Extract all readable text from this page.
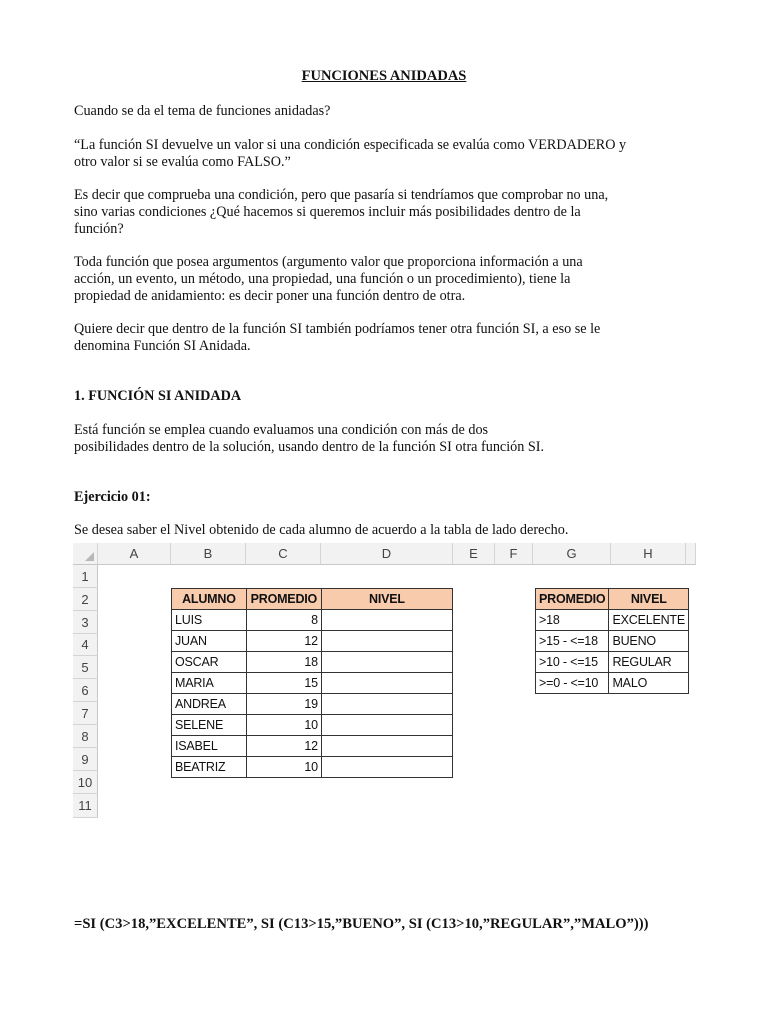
FUNCIONES ANIDADAS
Cuando se da el tema de funciones anidadas?
“La función SI devuelve un valor si una condición especificada se evalúa como VERDADERO y
otro valor si se evalúa como FALSO.”
Es decir que comprueba una condición, pero que pasaría si tendríamos que comprobar no una,
sino varias condiciones ¿Qué hacemos si queremos incluir más posibilidades dentro de la
función?
Toda función que posea argumentos (argumento valor que proporciona información a una
acción, un evento, un método, una propiedad, una función o un procedimiento), tiene la
propiedad de anidamiento: es decir poner una función dentro de otra.
Quiere decir que dentro de la función SI también podríamos tener otra función SI, a eso se le
denomina Función SI Anidada.
1. FUNCIÓN SI ANIDADA
Está función se emplea cuando evaluamos una condición con más de dos
posibilidades dentro de la solución, usando dentro de la función SI otra función SI.
Ejercicio 01:
Se desea saber el Nivel obtenido de cada alumno de acuerdo a la tabla de lado derecho.
A	B	C	D	E	F	G	H
1
2
3
4
5
6
7
8
9
10
11
ALUMNO	PROMEDIO	NIVEL
LUIS	8	
JUAN	12	
OSCAR	18	
MARIA	15	
ANDREA	19	
SELENE	10	
ISABEL	12	
BEATRIZ	10	
PROMEDIO	NIVEL
>18	EXCELENTE
>15 - <=18	BUENO
>10 - <=15	REGULAR
>=0 - <=10	MALO
=SI (C3>18,”EXCELENTE”, SI (C13>15,”BUENO”, SI (C13>10,”REGULAR”,”MALO”)))
